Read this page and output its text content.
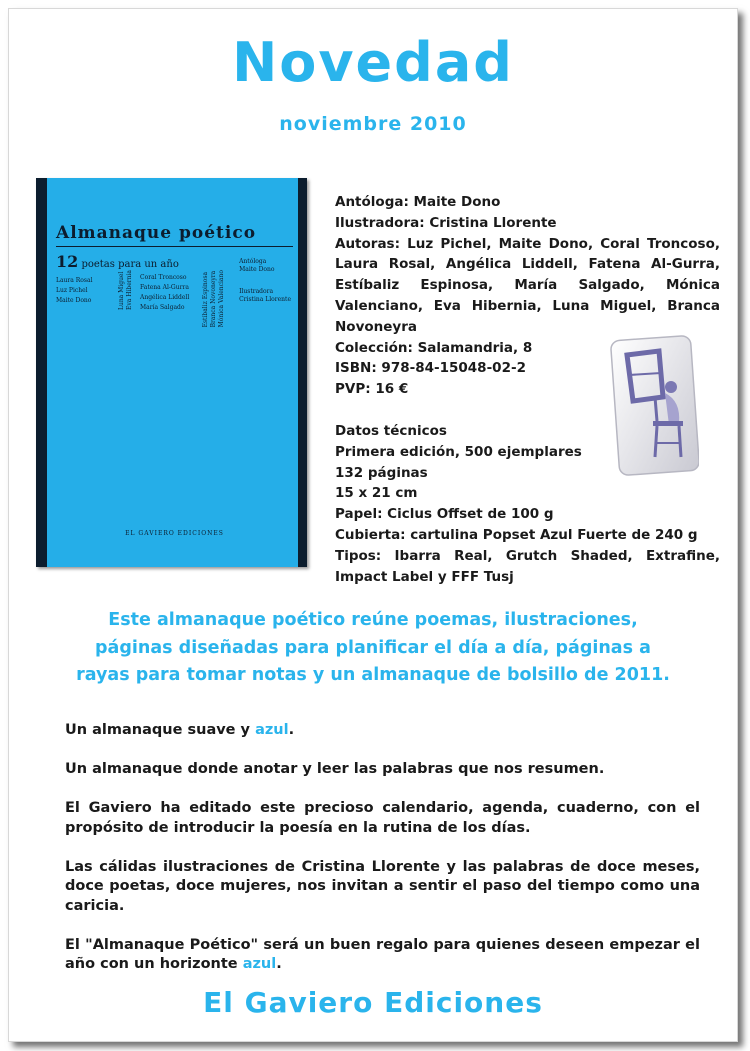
Novedad
noviembre 2010
Almanaque poético
12 poetas para un año
Laura Rosal
Luz Pichel
Maite Dono	Luna Miguel Eva Hibernia Coral Troncoso
Fatena Al-Gurra
Angélica Liddell
María Salgado	Estibaliz Espinosa Branca Novoneyra Mónica Valenciano
Antóloga
Maite Dono
Ilustradora
Cristina Llorente
EL GAVIERO EDICIONES

Antóloga: Maite Dono

Ilustradora: Cristina Llorente

Autoras: Luz Pichel, Maite Dono, Coral Troncoso, Laura Rosal, Angélica Liddell, Fatena Al-Gurra, Estíbaliz Espinosa, María Salgado, Mónica Valenciano, Eva Hibernia, Luna Miguel, Branca Novoneyra

Colección: Salamandria, 8

ISBN: 978-84-15048-02-2

PVP: 16 €

Datos técnicos

Primera edición, 500 ejemplares

132 páginas

15 x 21 cm

Papel: Ciclus Offset de 100 g

Cubierta: cartulina Popset Azul Fuerte de 240 g

Tipos: Ibarra Real, Grutch Shaded, Extrafine, Impact Label y FFF Tusj

Este almanaque poético reúne poemas, ilustraciones,
páginas diseñadas para planificar el día a día, páginas a
rayas para tomar notas y un almanaque de bolsillo de 2011.

Un almanaque suave y azul.

Un almanaque donde anotar y leer las palabras que nos resumen.

El Gaviero ha editado este precioso calendario, agenda, cuaderno, con el propósito de introducir la poesía en la rutina de los días.

Las cálidas ilustraciones de Cristina Llorente y las palabras de doce meses, doce poetas, doce mujeres, nos invitan a sentir el paso del tiempo como una caricia.

El "Almanaque Poético" será un buen regalo para quienes deseen empezar el año con un horizonte azul.

El Gaviero Ediciones
